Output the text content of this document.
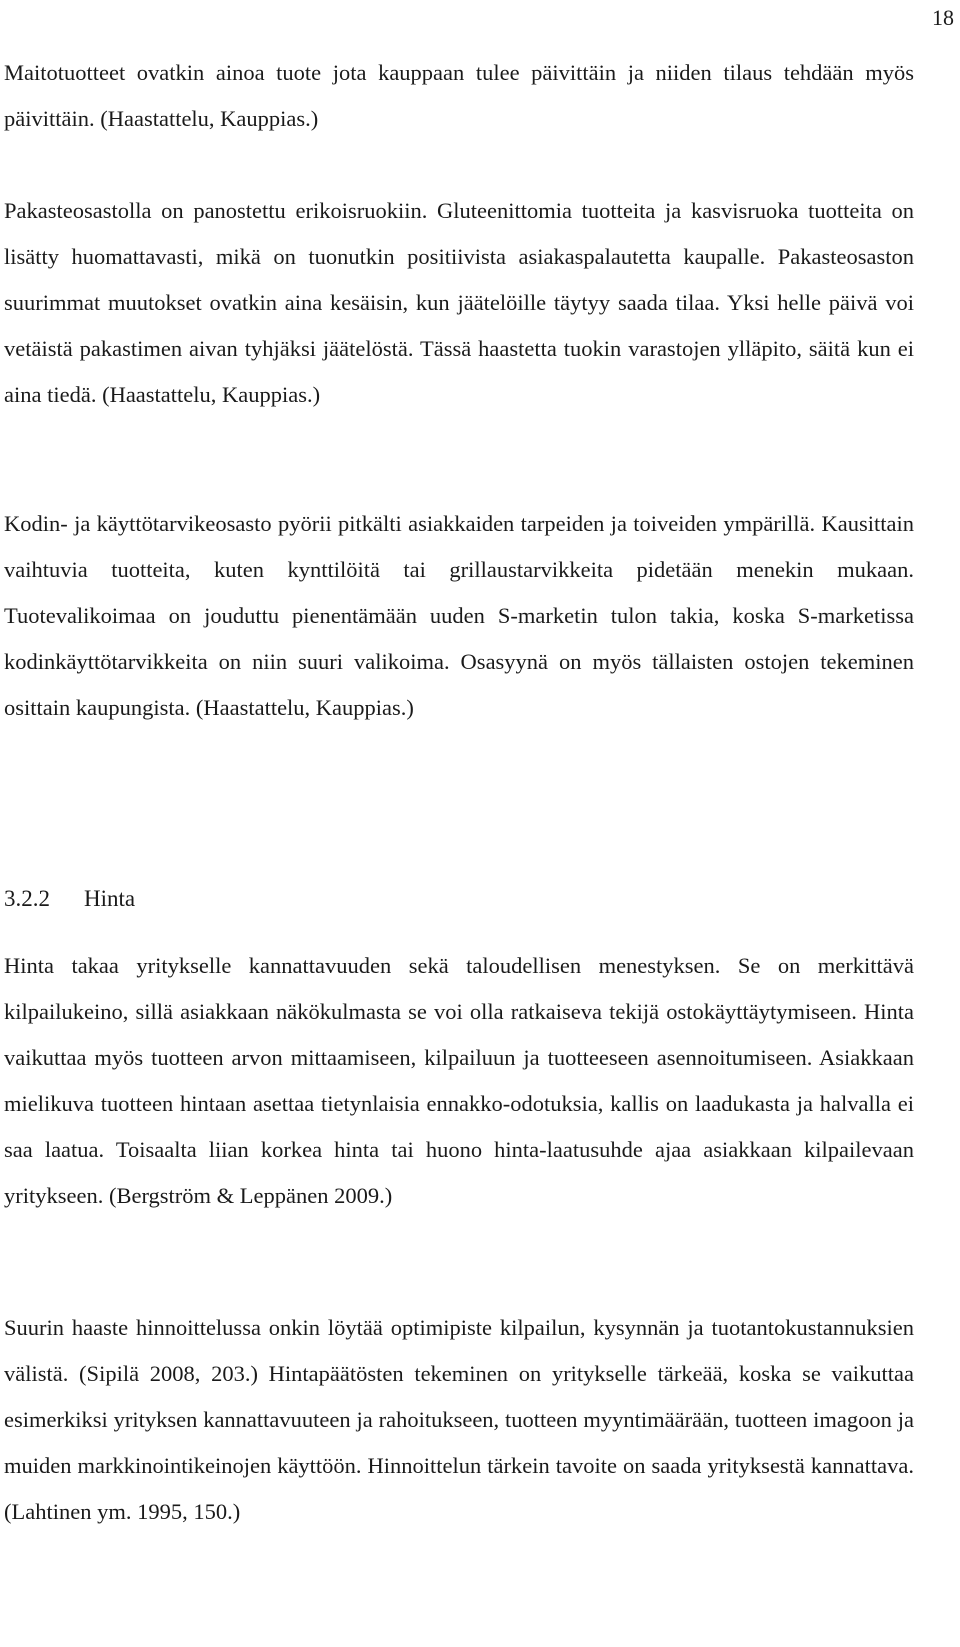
18

Maitotuotteet ovatkin ainoa tuote jota kauppaan tulee päivittäin ja niiden tilaus tehdään myös päivittäin. (Haastattelu, Kauppias.)

Pakasteosastolla on panostettu erikoisruokiin. Gluteenittomia tuotteita ja kasvisruoka tuotteita on lisätty huomattavasti, mikä on tuonutkin positiivista asiakaspalautetta kaupalle. Pakasteosaston suurimmat muutokset ovatkin aina kesäisin, kun jäätelöille täytyy saada tilaa. Yksi helle päivä voi vetäistä pakastimen aivan tyhjäksi jäätelöstä. Tässä haastetta tuokin varastojen ylläpito, säitä kun ei aina tiedä. (Haastattelu, Kauppias.)

Kodin- ja käyttötarvikeosasto pyörii pitkälti asiakkaiden tarpeiden ja toiveiden ympärillä. Kausittain vaihtuvia tuotteita, kuten kynttilöitä tai grillaustarvikkeita pidetään menekin mukaan. Tuotevalikoimaa on jouduttu pienentämään uuden S-marketin tulon takia, koska S-marketissa kodinkäyttötarvikkeita on niin suuri valikoima. Osasyynä on myös tällaisten ostojen tekeminen osittain kaupungista. (Haastattelu, Kauppias.)

3.2.2 Hinta

Hinta takaa yritykselle kannattavuuden sekä taloudellisen menestyksen. Se on merkittävä kilpailukeino, sillä asiakkaan näkökulmasta se voi olla ratkaiseva tekijä ostokäyttäytymiseen. Hinta vaikuttaa myös tuotteen arvon mittaamiseen, kilpailuun ja tuotteeseen asennoitumiseen. Asiakkaan mielikuva tuotteen hintaan asettaa tietynlaisia ennakko-odotuksia, kallis on laadukasta ja halvalla ei saa laatua. Toisaalta liian korkea hinta tai huono hinta-laatusuhde ajaa asiakkaan kilpailevaan yritykseen. (Bergström & Leppänen 2009.)

Suurin haaste hinnoittelussa onkin löytää optimipiste kilpailun, kysynnän ja tuotantokustannuksien välistä. (Sipilä 2008, 203.) Hintapäätösten tekeminen on yritykselle tärkeää, koska se vaikuttaa esimerkiksi yrityksen kannattavuuteen ja rahoitukseen, tuotteen myyntimäärään, tuotteen imagoon ja muiden markkinointikeinojen käyttöön. Hinnoittelun tärkein tavoite on saada yrityksestä kannattava. (Lahtinen ym. 1995, 150.)
